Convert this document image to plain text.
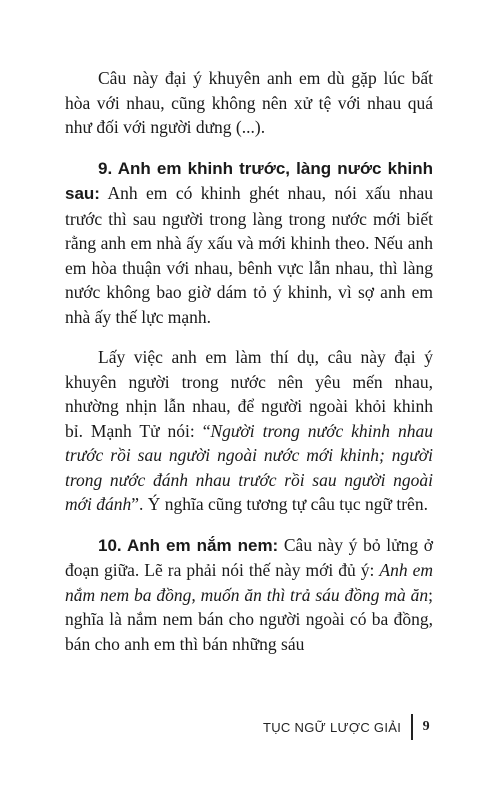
Câu này đại ý khuyên anh em dù gặp lúc bất hòa với nhau, cũng không nên xử tệ với nhau quá như đối với người dưng (...).

9. Anh em khinh trước, làng nước khinh sau: Anh em có khinh ghét nhau, nói xấu nhau trước thì sau người trong làng trong nước mới biết rằng anh em nhà ấy xấu và mới khinh theo. Nếu anh em hòa thuận với nhau, bênh vực lẫn nhau, thì làng nước không bao giờ dám tỏ ý khinh, vì sợ anh em nhà ấy thế lực mạnh.

Lấy việc anh em làm thí dụ, câu này đại ý khuyên người trong nước nên yêu mến nhau, nhường nhịn lẫn nhau, để người ngoài khỏi khinh bỉ. Mạnh Tử nói: “Người trong nước khinh nhau trước rồi sau người ngoài nước mới khinh; người trong nước đánh nhau trước rồi sau người ngoài mới đánh”. Ý nghĩa cũng tương tự câu tục ngữ trên.

10. Anh em nắm nem: Câu này ý bỏ lửng ở đoạn giữa. Lẽ ra phải nói thế này mới đủ ý: Anh em nắm nem ba đồng, muốn ăn thì trả sáu đồng mà ăn; nghĩa là nắm nem bán cho người ngoài có ba đồng, bán cho anh em thì bán những sáu

TỤC NGỮ LƯỢC GIẢI 9
